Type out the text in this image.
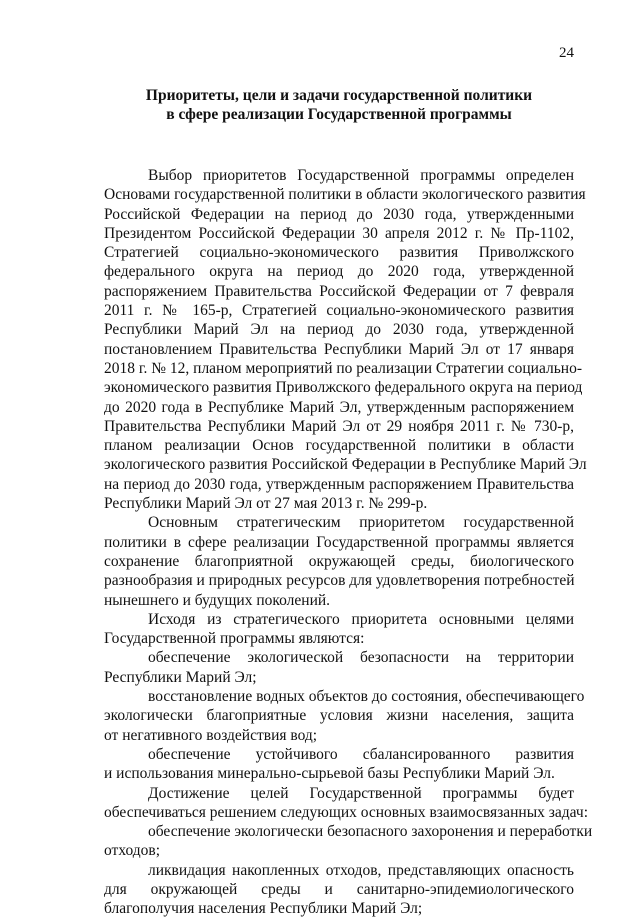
24
Приоритеты, цели и задачи государственной политики
в сфере реализации Государственной программы
Выбор приоритетов Государственной программы определен
Основами государственной политики в области экологического развития
Российской Федерации на период до 2030 года, утвержденными
Президентом Российской Федерации 30 апреля 2012 г. № Пр-1102,
Стратегией социально-экономического развития Приволжского
федерального округа на период до 2020 года, утвержденной
распоряжением Правительства Российской Федерации от 7 февраля
2011 г. № 165-р, Стратегией социально-экономического развития
Республики Марий Эл на период до 2030 года, утвержденной
постановлением Правительства Республики Марий Эл от 17 января
2018 г. № 12, планом мероприятий по реализации Стратегии социально-
экономического развития Приволжского федерального округа на период
до 2020 года в Республике Марий Эл, утвержденным распоряжением
Правительства Республики Марий Эл от 29 ноября 2011 г. № 730-р,
планом реализации Основ государственной политики в области
экологического развития Российской Федерации в Республике Марий Эл
на период до 2030 года, утвержденным распоряжением Правительства
Республики Марий Эл от 27 мая 2013 г. № 299-р.
Основным стратегическим приоритетом государственной
политики в сфере реализации Государственной программы является
сохранение благоприятной окружающей среды, биологического
разнообразия и природных ресурсов для удовлетворения потребностей
нынешнего и будущих поколений.
Исходя из стратегического приоритета основными целями
Государственной программы являются:
обеспечение экологической безопасности на территории
Республики Марий Эл;
восстановление водных объектов до состояния, обеспечивающего
экологически благоприятные условия жизни населения, защита
от негативного воздействия вод;
обеспечение устойчивого сбалансированного развития
и использования минерально-сырьевой базы Республики Марий Эл.
Достижение целей Государственной программы будет
обеспечиваться решением следующих основных взаимосвязанных задач:
обеспечение экологически безопасного захоронения и переработки
отходов;
ликвидация накопленных отходов, представляющих опасность
для окружающей среды и санитарно-эпидемиологического
благополучия населения Республики Марий Эл;
